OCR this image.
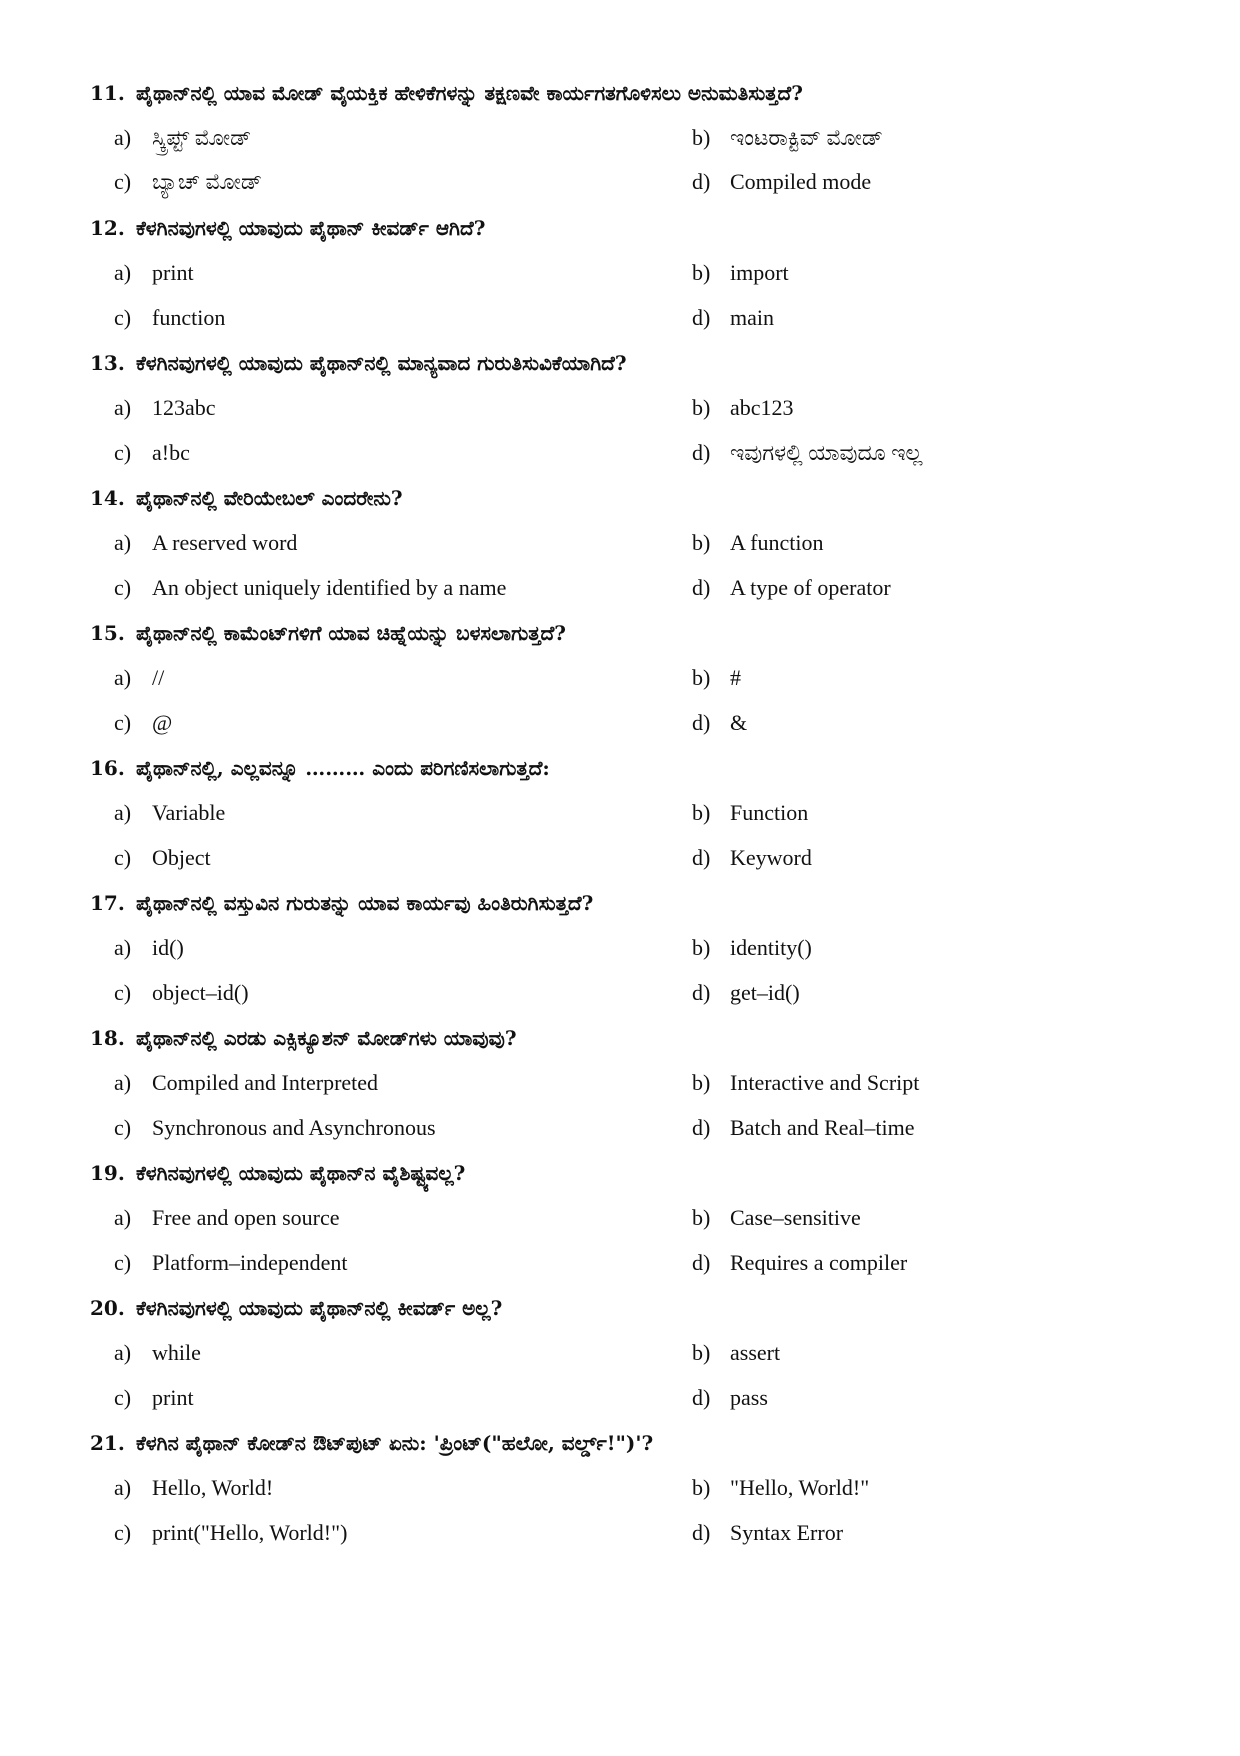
11. ಪೈಥಾನ್‌ನಲ್ಲಿ ಯಾವ ಮೋಡ್ ವೈಯಕ್ತಿಕ ಹೇಳಿಕೆಗಳನ್ನು ತಕ್ಷಣವೇ ಕಾರ್ಯಗತಗೊಳಿಸಲು ಅನುಮತಿಸುತ್ತದೆ?
a) ಸ್ಕ್ರಿಪ್ಟ್ ಮೋಡ್	b) ಇಂಟರಾಕ್ಟಿವ್ ಮೋಡ್
c) ಬ್ಯಾಚ್ ಮೋಡ್	d) Compiled mode
12. ಕೆಳಗಿನವುಗಳಲ್ಲಿ ಯಾವುದು ಪೈಥಾನ್ ಕೀವರ್ಡ್ ಆಗಿದೆ?
a) print	b) import
c) function	d) main
13. ಕೆಳಗಿನವುಗಳಲ್ಲಿ ಯಾವುದು ಪೈಥಾನ್‌ನಲ್ಲಿ ಮಾನ್ಯವಾದ ಗುರುತಿಸುವಿಕೆಯಾಗಿದೆ?
a) 123abc	b) abc123
c) a!bc	d) ಇವುಗಳಲ್ಲಿ ಯಾವುದೂ ಇಲ್ಲ
14. ಪೈಥಾನ್‌ನಲ್ಲಿ ವೇರಿಯೇಬಲ್ ಎಂದರೇನು?
a) A reserved word	b) A function
c) An object uniquely identified by a name	d) A type of operator
15. ಪೈಥಾನ್‌ನಲ್ಲಿ ಕಾಮೆಂಟ್‌ಗಳಿಗೆ ಯಾವ ಚಿಹ್ನೆಯನ್ನು ಬಳಸಲಾಗುತ್ತದೆ?
a) //	b) #
c) @	d) &
16. ಪೈಥಾನ್‌ನಲ್ಲಿ, ಎಲ್ಲವನ್ನೂ ……… ಎಂದು ಪರಿಗಣಿಸಲಾಗುತ್ತದೆ:
a) Variable	b) Function
c) Object	d) Keyword
17. ಪೈಥಾನ್‌ನಲ್ಲಿ ವಸ್ತುವಿನ ಗುರುತನ್ನು ಯಾವ ಕಾರ್ಯವು ಹಿಂತಿರುಗಿಸುತ್ತದೆ?
a) id()	b) identity()
c) object–id()	d) get–id()
18. ಪೈಥಾನ್‌ನಲ್ಲಿ ಎರಡು ಎಕ್ಸಿಕ್ಯೂಶನ್ ಮೋಡ್‌ಗಳು ಯಾವುವು?
a) Compiled and Interpreted	b) Interactive and Script
c) Synchronous and Asynchronous	d) Batch and Real–time
19. ಕೆಳಗಿನವುಗಳಲ್ಲಿ ಯಾವುದು ಪೈಥಾನ್‌ನ ವೈಶಿಷ್ಟ್ಯವಲ್ಲ?
a) Free and open source	b) Case–sensitive
c) Platform–independent	d) Requires a compiler
20. ಕೆಳಗಿನವುಗಳಲ್ಲಿ ಯಾವುದು ಪೈಥಾನ್‌ನಲ್ಲಿ ಕೀವರ್ಡ್ ಅಲ್ಲ?
a) while	b) assert
c) print	d) pass
21. ಕೆಳಗಿನ ಪೈಥಾನ್ ಕೋಡ್‌ನ ಔಟ್‌ಪುಟ್ ಏನು: 'ಪ್ರಿಂಟ್("ಹಲೋ, ವರ್ಲ್ಡ್!")'?
a) Hello, World!	b) "Hello, World!"
c) print("Hello, World!")	d) Syntax Error
